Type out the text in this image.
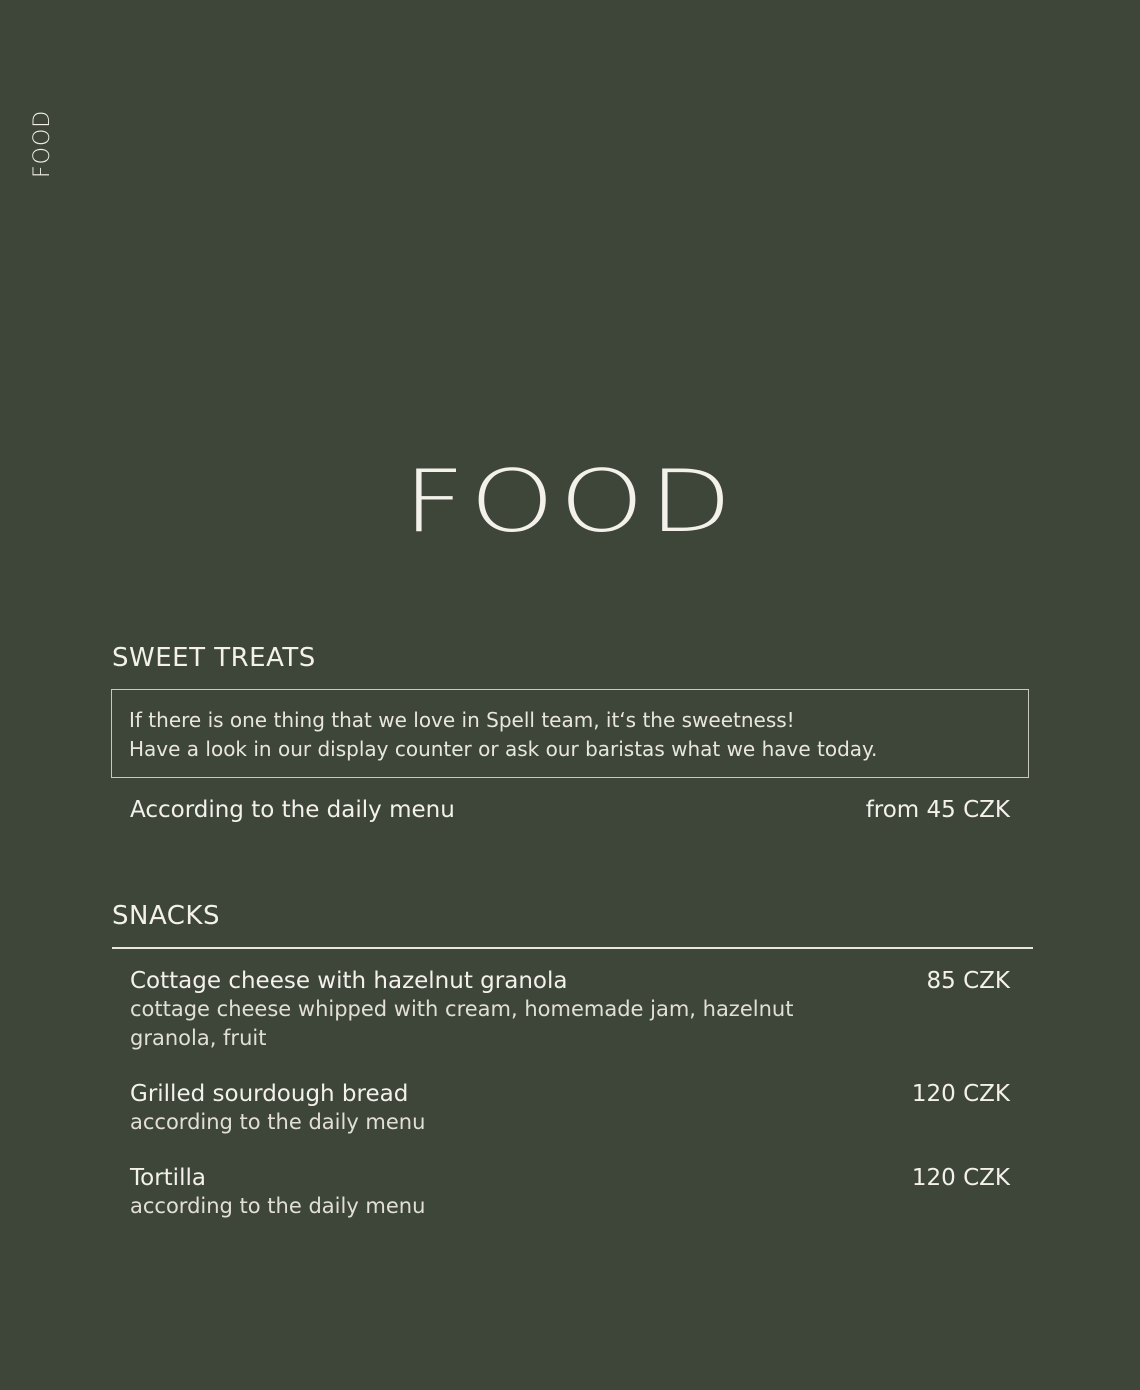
FOOD
FOOD
SWEET TREATS

If there is one thing that we love in Spell team, it‘s the sweetness!

Have a look in our display counter or ask our baristas what we have today.

According to the daily menu	from 45 CZK
SNACKS
Cottage cheese with hazelnut granola
cottage cheese whipped with cream, homemade jam, hazelnut granola, fruit
85 CZK
Grilled sourdough bread
according to the daily menu
120 CZK
Tortilla
according to the daily menu
120 CZK
